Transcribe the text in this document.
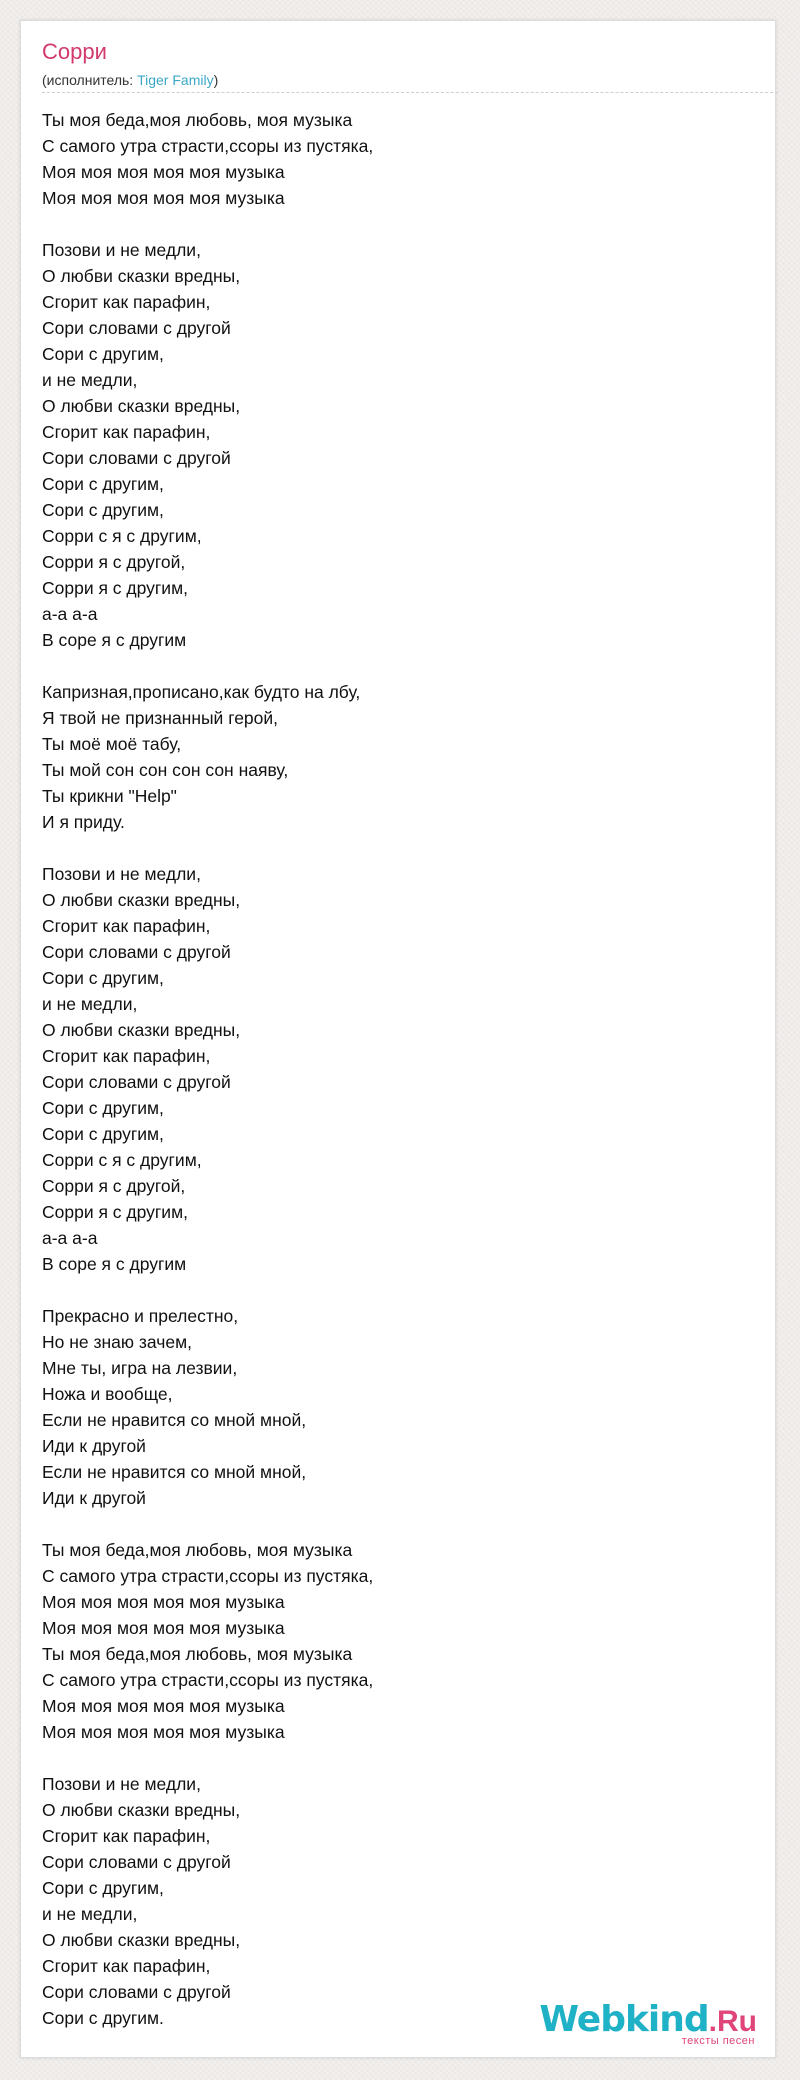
Сорри
(исполнитель: Tiger Family)
Ты моя беда,моя любовь, моя музыка
С самого утра страсти,ссоры из пустяка,
Моя моя моя моя моя музыка
Моя моя моя моя моя музыка

Позови и не медли,
О любви сказки вредны,
Сгорит как парафин,
Сори словами с другой
Сори с другим,
и не медли,
О любви сказки вредны,
Сгорит как парафин,
Сори словами с другой
Сори с другим,
Сори с другим,
Сорри с я с другим,
Сорри я с другой,
Сорри я с другим,
а-а а-а
В соре я с другим

Капризная,прописано,как будто на лбу,
Я твой не признанный герой,
Ты моё моё табу,
Ты мой сон сон сон сон наяву,
Ты крикни "Help"
И я приду.

Позови и не медли,
О любви сказки вредны,
Сгорит как парафин,
Сори словами с другой
Сори с другим,
и не медли,
О любви сказки вредны,
Сгорит как парафин,
Сори словами с другой
Сори с другим,
Сори с другим,
Сорри с я с другим,
Сорри я с другой,
Сорри я с другим,
а-а а-а
В соре я с другим

Прекрасно и прелестно,
Но не знаю зачем,
Мне ты, игра на лезвии,
Ножа и вообще,
Если не нравится со мной мной,
Иди к другой
Если не нравится со мной мной,
Иди к другой

Ты моя беда,моя любовь, моя музыка
С самого утра страсти,ссоры из пустяка,
Моя моя моя моя моя музыка
Моя моя моя моя моя музыка
Ты моя беда,моя любовь, моя музыка
С самого утра страсти,ссоры из пустяка,
Моя моя моя моя моя музыка
Моя моя моя моя моя музыка

Позови и не медли,
О любви сказки вредны,
Сгорит как парафин,
Сори словами с другой
Сори с другим,
и не медли,
О любви сказки вредны,
Сгорит как парафин,
Сори словами с другой
Сори с другим.	Webkind.Ru
тексты песен
